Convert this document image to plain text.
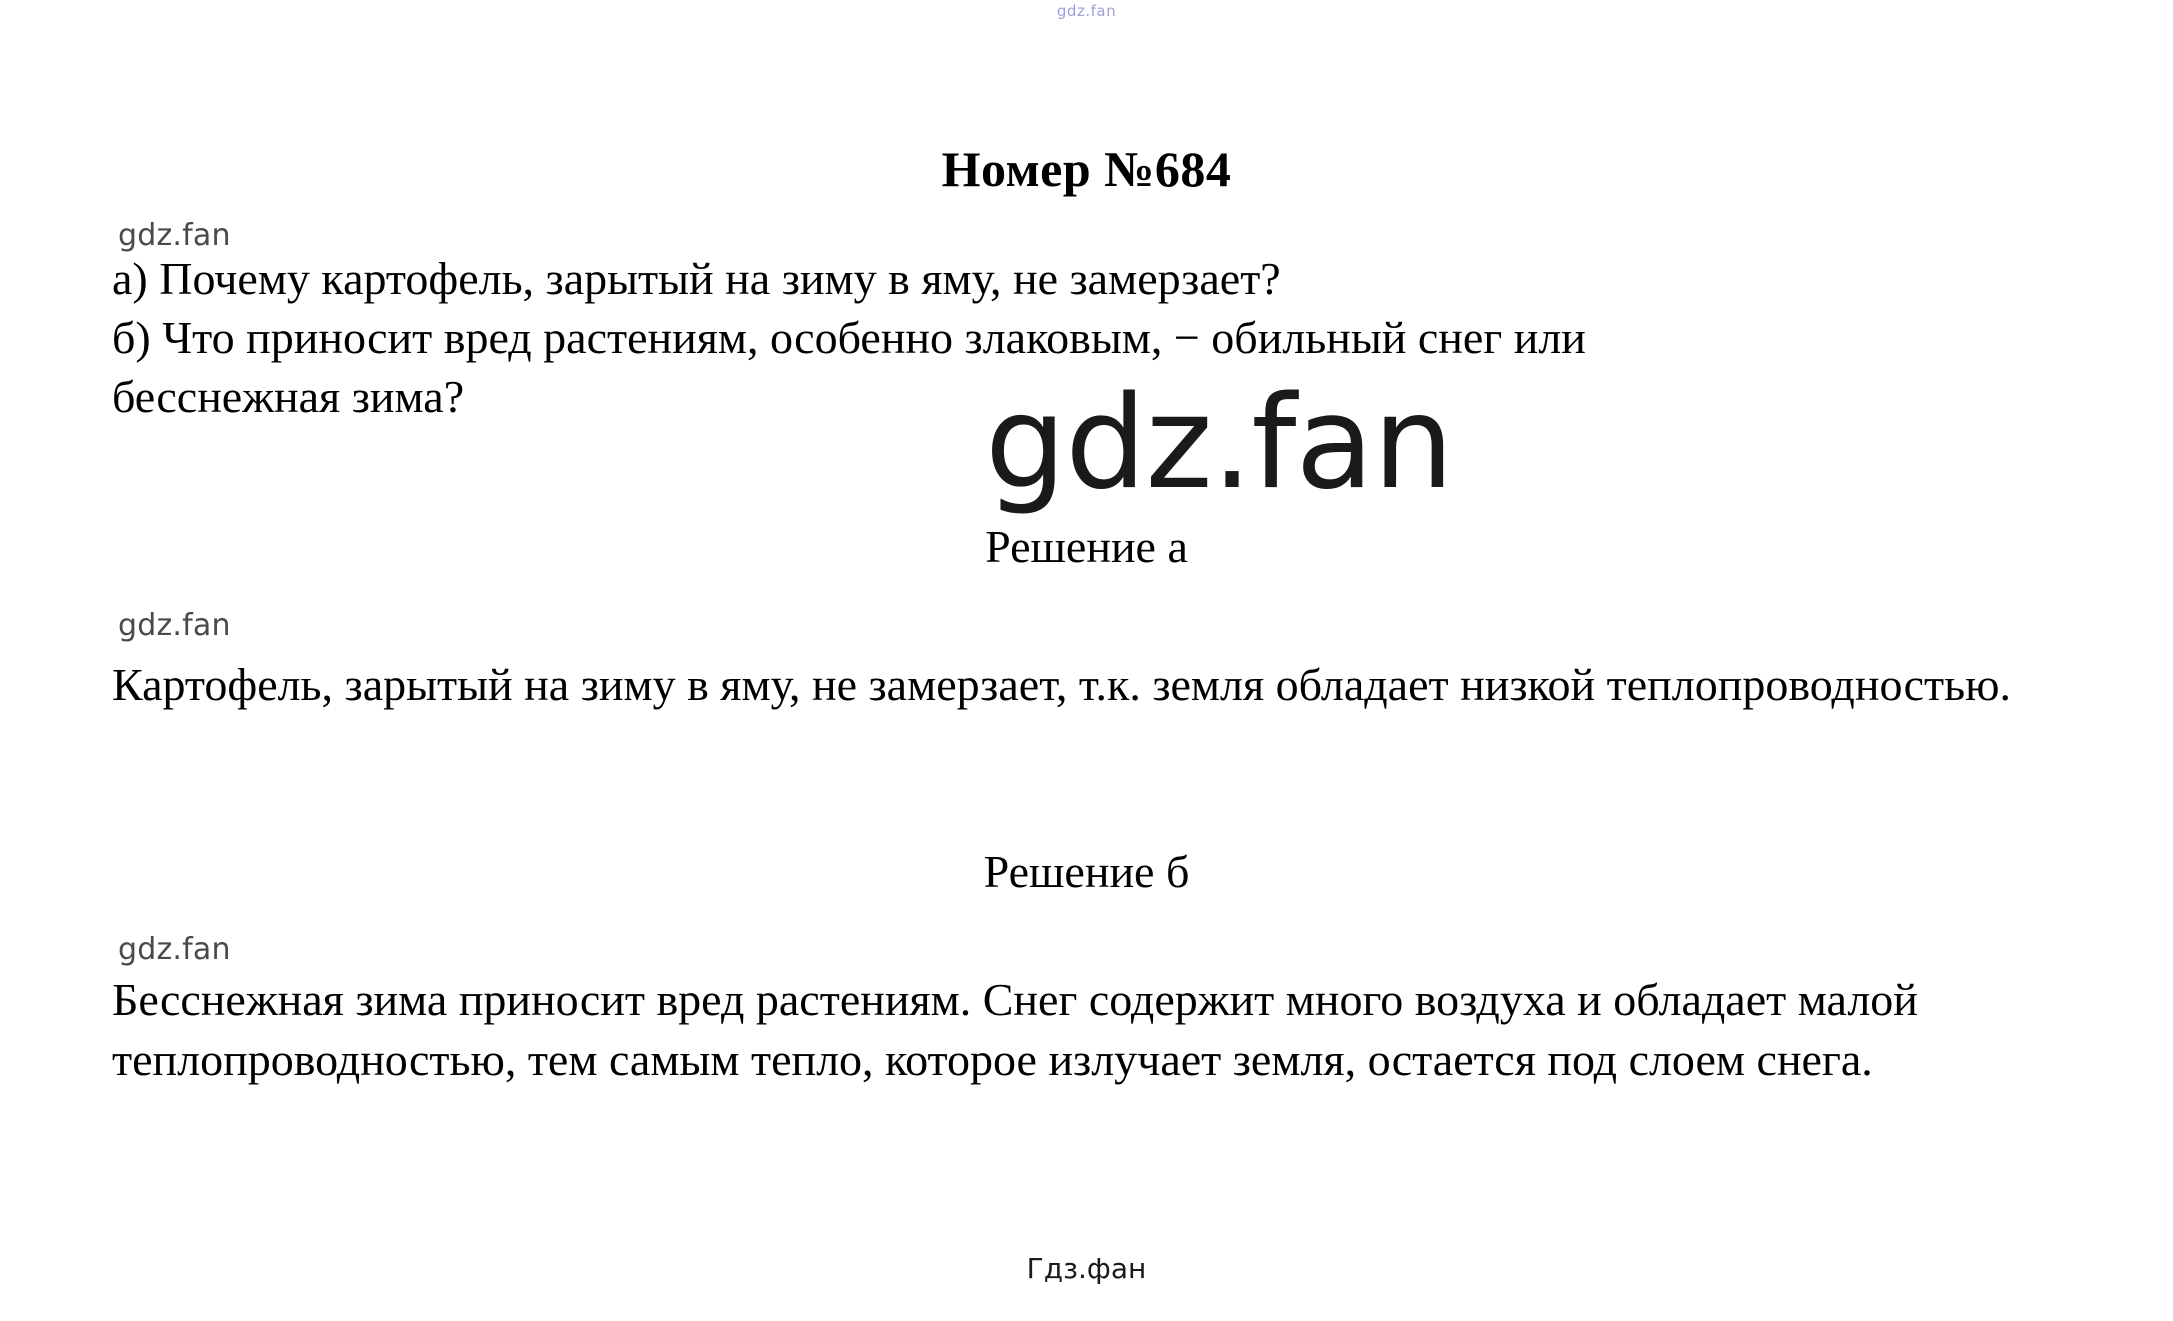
gdz.fan
Номер №684
а) Почему картофель, зарытый на зиму в яму, не замерзает?
б) Что приносит вред растениям, особенно злаковым, − обильный снег или
бесснежная зима?
Решение а
Картофель, зарытый на зиму в яму, не замерзает, т.к. земля обладает низкой теплопроводностью.
Решение б
Бесснежная зима приносит вред растениям. Снег содержит много воздуха и обладает малой теплопроводностью, тем самым тепло, которое излучает земля, остается под слоем снега.
gdz.fan
gdz.fan
gdz.fan
gdz.fan
Гдз.фан
